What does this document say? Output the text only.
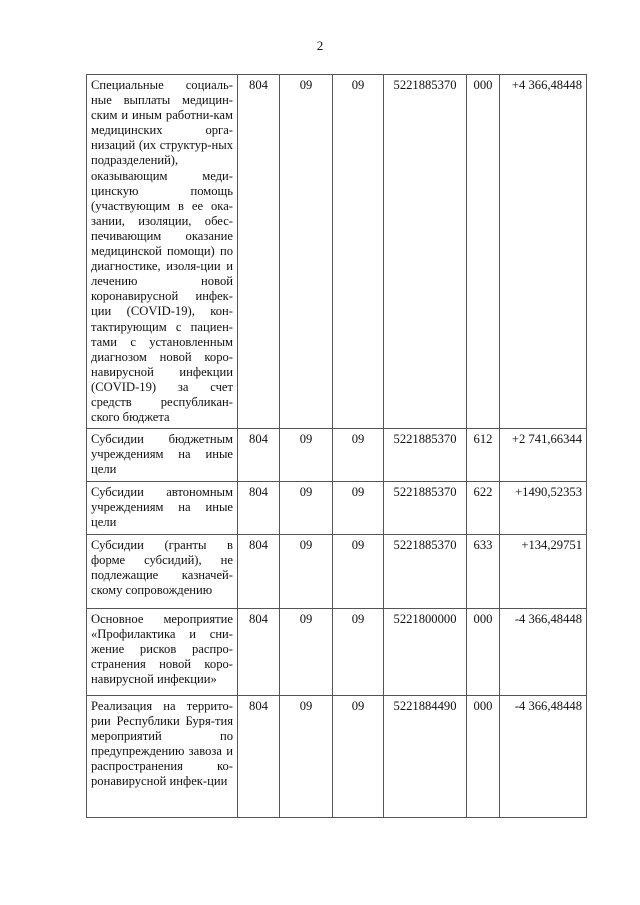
2
Специальные социаль-ные выплаты медицин-ским и иным работни-кам медицинских орга-низаций (их структур-ных подразделений), оказывающим меди-цинскую помощь (участвующим в ее ока-зании, изоляции, обес-печивающим оказание медицинской помощи) по диагностике, изоля-ции и лечению новой коронавирусной инфек-ции (COVID-19), кон-тактирующим с пациен-тами с установленным диагнозом новой коро-навирусной инфекции (COVID-19) за счет средств республикан-ского бюджета	804	09	09	5221885370	000	+4 366,48448
Субсидии бюджетным учреждениям на иные цели	804	09	09	5221885370	612	+2 741,66344
Субсидии автономным учреждениям на иные цели	804	09	09	5221885370	622	+1490,52353
Субсидии (гранты в форме субсидий), не подлежащие казначей-скому сопровождению	804	09	09	5221885370	633	+134,29751
Основное мероприятие «Профилактика и сни-жение рисков распро-странения новой коро-навирусной инфекции»	804	09	09	5221800000	000	-4 366,48448
Реализация на террито-рии Республики Буря-тия мероприятий по предупреждению завоза и распространения ко-ронавирусной инфек-ции	804	09	09	5221884490	000	-4 366,48448
